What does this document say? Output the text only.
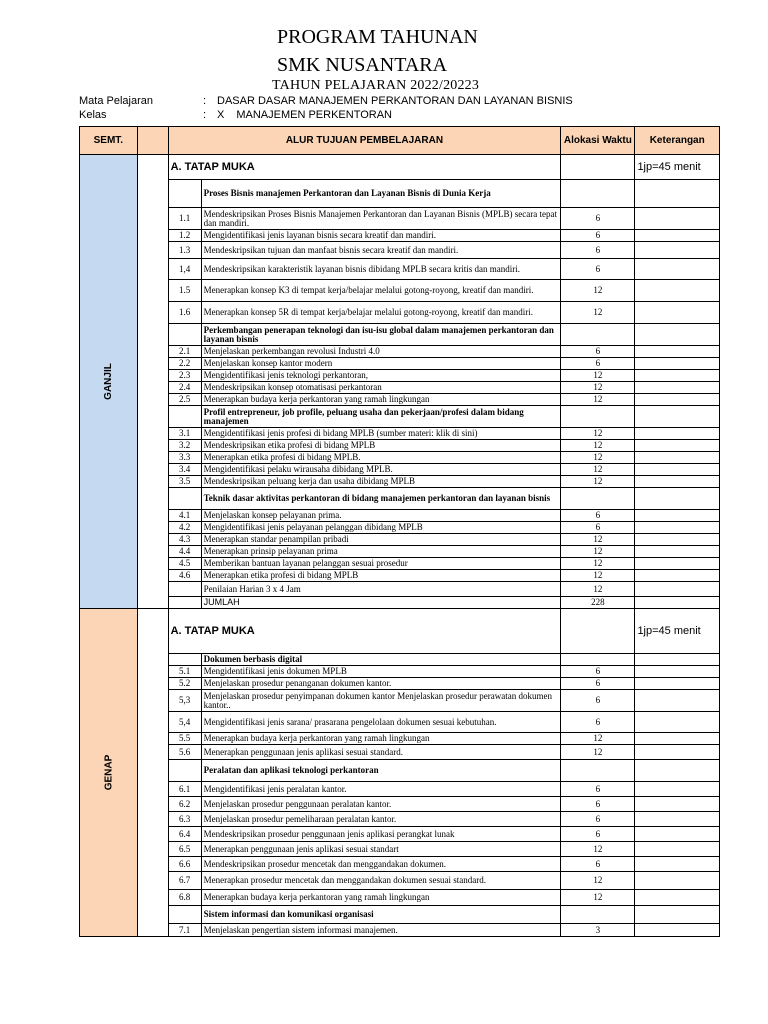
PROGRAM TAHUNAN
SMK NUSANTARA
TAHUN PELAJARAN 2022/20223
Mata Pelajaran	: DASAR DASAR MANAJEMEN PERKANTORAN DAN LAYANAN BISNIS
Kelas	: X MANAJEMEN PERKENTORAN
SEMT.		ALUR TUJUAN PEMBELAJARAN		Alokasi Waktu	Keterangan
GANJIL		A. TATAP MUKA			1jp=45 menit
			Proses Bisnis manajemen Perkantoran dan Layanan Bisnis di Dunia Kerja		
		1.1	Mendeskripsikan Proses Bisnis Manajemen Perkantoran dan Layanan Bisnis (MPLB) secara tepat dan mandiri.	6	
		1.2	Mengidentifikasi jenis layanan bisnis secara kreatif dan mandiri.	6	
		1.3	Mendeskripsikan tujuan dan manfaat bisnis secara kreatif dan mandiri.	6	
		1,4	Mendeskripsikan karakteristik layanan bisnis dibidang MPLB secara kritis dan mandiri.	6	
		1.5	Menerapkan konsep K3 di tempat kerja/belajar melalui gotong-royong, kreatif dan mandiri.	12	
		1.6	Menerapkan konsep 5R di tempat kerja/belajar melalui gotong-royong, kreatif dan mandiri.	12	
			Perkembangan penerapan teknologi dan isu-isu global dalam manajemen perkantoran dan layanan bisnis		
		2.1	Menjelaskan perkembangan revolusi Industri 4.0	6	
		2.2	Menjelaskan konsep kantor modern	6	
		2.3	Mengidentifikasi jenis teknologi perkantoran,	12	
		2.4	Mendeskripsikan konsep otomatisasi perkantoran	12	
		2.5	Menerapkan budaya kerja perkantoran yang ramah lingkungan	12	
			Profil entrepreneur, job profile, peluang usaha dan pekerjaan/profesi dalam bidang manajemen		
		3.1	Mengidentifikasi jenis profesi di bidang MPLB (sumber materi: klik di sini)	12	
		3.2	Mendeskripsikan etika profesi di bidang MPLB	12	
		3.3	Menerapkan etika profesi di bidang MPLB.	12	
		3.4	Mengidentifikasi pelaku wirausaha dibidang MPLB.	12	
		3.5	Mendeskripsikan peluang kerja dan usaha dibidang MPLB	12	
			Teknik dasar aktivitas perkantoran di bidang manajemen perkantoran dan layanan bisnis		
		4.1	Menjelaskan konsep pelayanan prima.	6	
		4.2	Mengidentifikasi jenis pelayanan pelanggan dibidang MPLB	6	
		4.3	Menerapkan standar penampilan pribadi	12	
		4.4	Menerapkan prinsip pelayanan prima	12	
		4.5	Memberikan bantuan layanan pelanggan sesuai prosedur	12	
		4.6	Menerapkan etika profesi di bidang MPLB	12	
			Penilaian Harian 3 x 4 Jam	12	
			JUMLAH	228	
GENAP		A. TATAP MUKA			1jp=45 menit
			Dokumen berbasis digital		
		5.1	Mengidentifikasi jenis dokumen MPLB	6	
		5.2	Menjelaskan prosedur penanganan dokumen kantor.	6	
		5,3	Menjelaskan prosedur penyimpanan dokumen kantor Menjelaskan prosedur perawatan dokumen kantor..	6	
		5,4	Mengidentifikasi jenis sarana/ prasarana pengelolaan dokumen sesuai kebutuhan.	6	
		5.5	Menerapkan budaya kerja perkantoran yang ramah lingkungan	12	
		5.6	Menerapkan penggunaan jenis aplikasi sesuai standard.	12	
			Peralatan dan aplikasi teknologi perkantoran		
		6.1	Mengidentifikasi jenis peralatan kantor.	6	
		6.2	Menjelaskan prosedur penggunaan peralatan kantor.	6	
		6.3	Menjelaskan prosedur pemeliharaan peralatan kantor.	6	
		6.4	Mendeskripsikan prosedur penggunaan jenis aplikasi perangkat lunak	6	
		6.5	Menerapkan penggunaan jenis aplikasi sesuai standart	12	
		6.6	Mendeskripsikan prosedur mencetak dan menggandakan dokumen.	6	
		6.7	Menerapkan prosedur mencetak dan menggandakan dokumen sesuai standard.	12	
		6.8	Menerapkan budaya kerja perkantoran yang ramah lingkungan	12	
			Sistem informasi dan komunikasi organisasi		
		7.1	Menjelaskan pengertian sistem informasi manajemen.	3	
